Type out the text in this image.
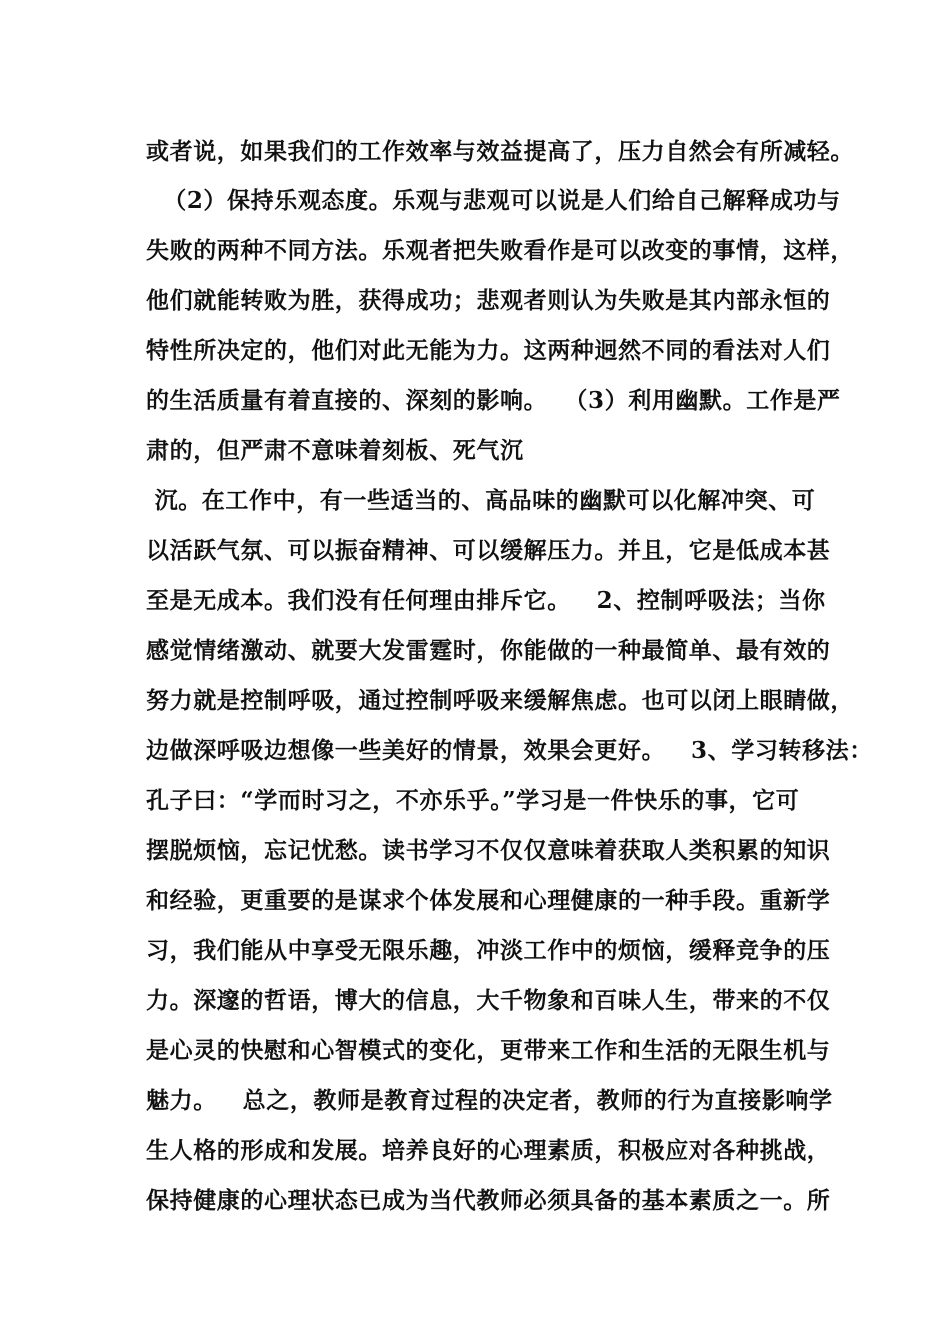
或者说，如果我们的工作效率与效益提高了，压力自然会有所减轻。
（2）保持乐观态度。乐观与悲观可以说是人们给自己解释成功与
失败的两种不同方法。乐观者把失败看作是可以改变的事情，这样，
他们就能转败为胜，获得成功；悲观者则认为失败是其内部永恒的
特性所决定的，他们对此无能为力。这两种迥然不同的看法对人们
的生活质量有着直接的、深刻的影响。  （3）利用幽默。工作是严
肃的，但严肃不意味着刻板、死气沉
沉。在工作中，有一些适当的、高品味的幽默可以化解冲突、可
以活跃气氛、可以振奋精神、可以缓解压力。并且，它是低成本甚
至是无成本。我们没有任何理由排斥它。   2、控制呼吸法；当你
感觉情绪激动、就要大发雷霆时，你能做的一种最简单、最有效的
努力就是控制呼吸，通过控制呼吸来缓解焦虑。也可以闭上眼睛做，
边做深呼吸边想像一些美好的情景，效果会更好。   3、学习转移法：
孔子曰：“学而时习之，不亦乐乎。”学习是一件快乐的事，它可
摆脱烦恼，忘记忧愁。读书学习不仅仅意味着获取人类积累的知识
和经验，更重要的是谋求个体发展和心理健康的一种手段。重新学
习，我们能从中享受无限乐趣，冲淡工作中的烦恼，缓释竞争的压
力。深邃的哲语，博大的信息，大千物象和百味人生，带来的不仅
是心灵的快慰和心智模式的变化，更带来工作和生活的无限生机与
魅力。   总之，教师是教育过程的决定者，教师的行为直接影响学
生人格的形成和发展。培养良好的心理素质，积极应对各种挑战，
保持健康的心理状态已成为当代教师必须具备的基本素质之一。所
